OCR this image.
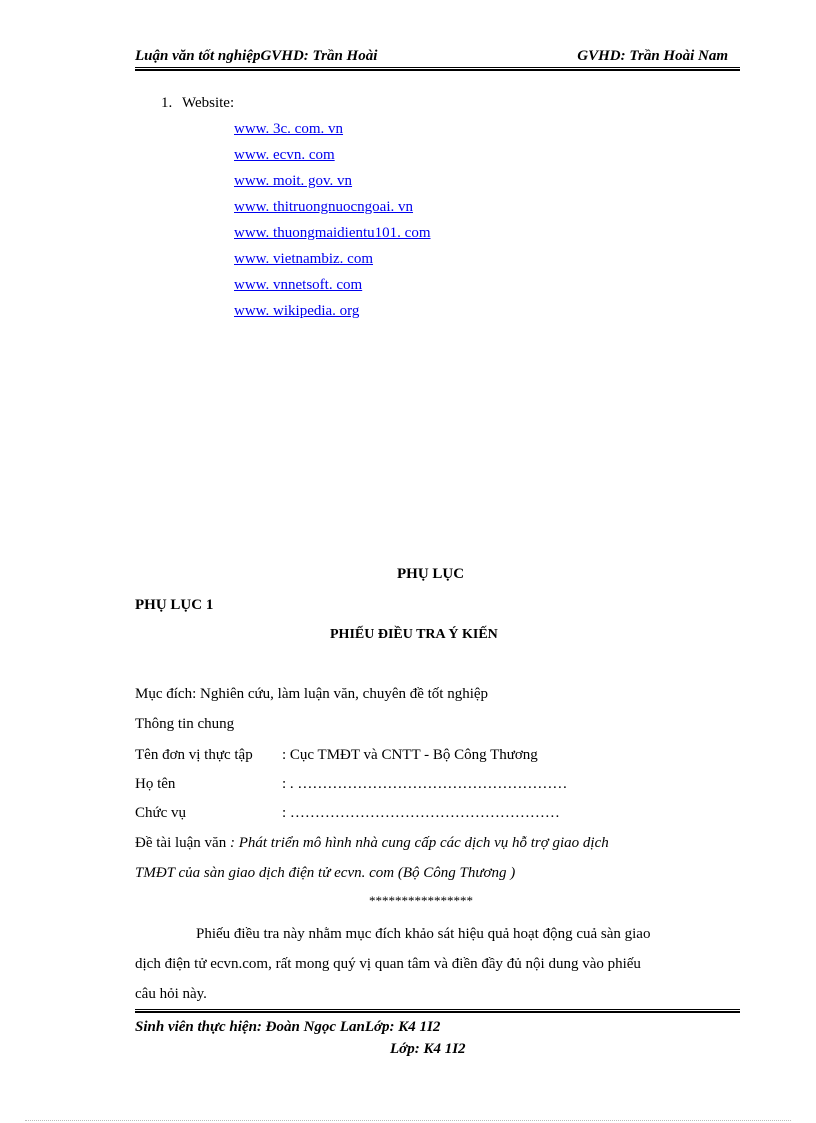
Luận văn tốt nghiệpGVHD: Trần Hoài	GVHD: Trần Hoài Nam
1. Website:
www. 3c. com. vn
www. ecvn. com
www. moit. gov. vn
www. thitruongnuocngoai. vn
www. thuongmaidientu101. com
www. vietnambiz. com
www. vnnetsoft. com
www. wikipedia. org
PHỤ LỤC
PHỤ LỤC 1
PHIẾU ĐIỀU TRA Ý KIẾN
Mục đích: Nghiên cứu, làm luận văn, chuyên đề tốt nghiệp
Thông tin chung
Tên đơn vị thực tập : Cục TMĐT và CNTT - Bộ Công Thương
Họ tên	: . ………………………………………………
Chức vụ	: ………………………………………………
Đề tài luận văn : Phát triển mô hình nhà cung cấp các dịch vụ hỗ trợ giao dịch
TMĐT của sàn giao dịch điện tử ecvn. com (Bộ Công Thương )
****************
Phiếu điều tra này nhằm mục đích khảo sát hiệu quả hoạt động cuả sàn giao
dịch điện tử ecvn.com, rất mong quý vị quan tâm và điền đầy đủ nội dung vào phiếu
câu hỏi này.
Sinh viên thực hiện: Đoàn Ngọc LanLớp: K4 1I2
Lớp: K4 1I2
